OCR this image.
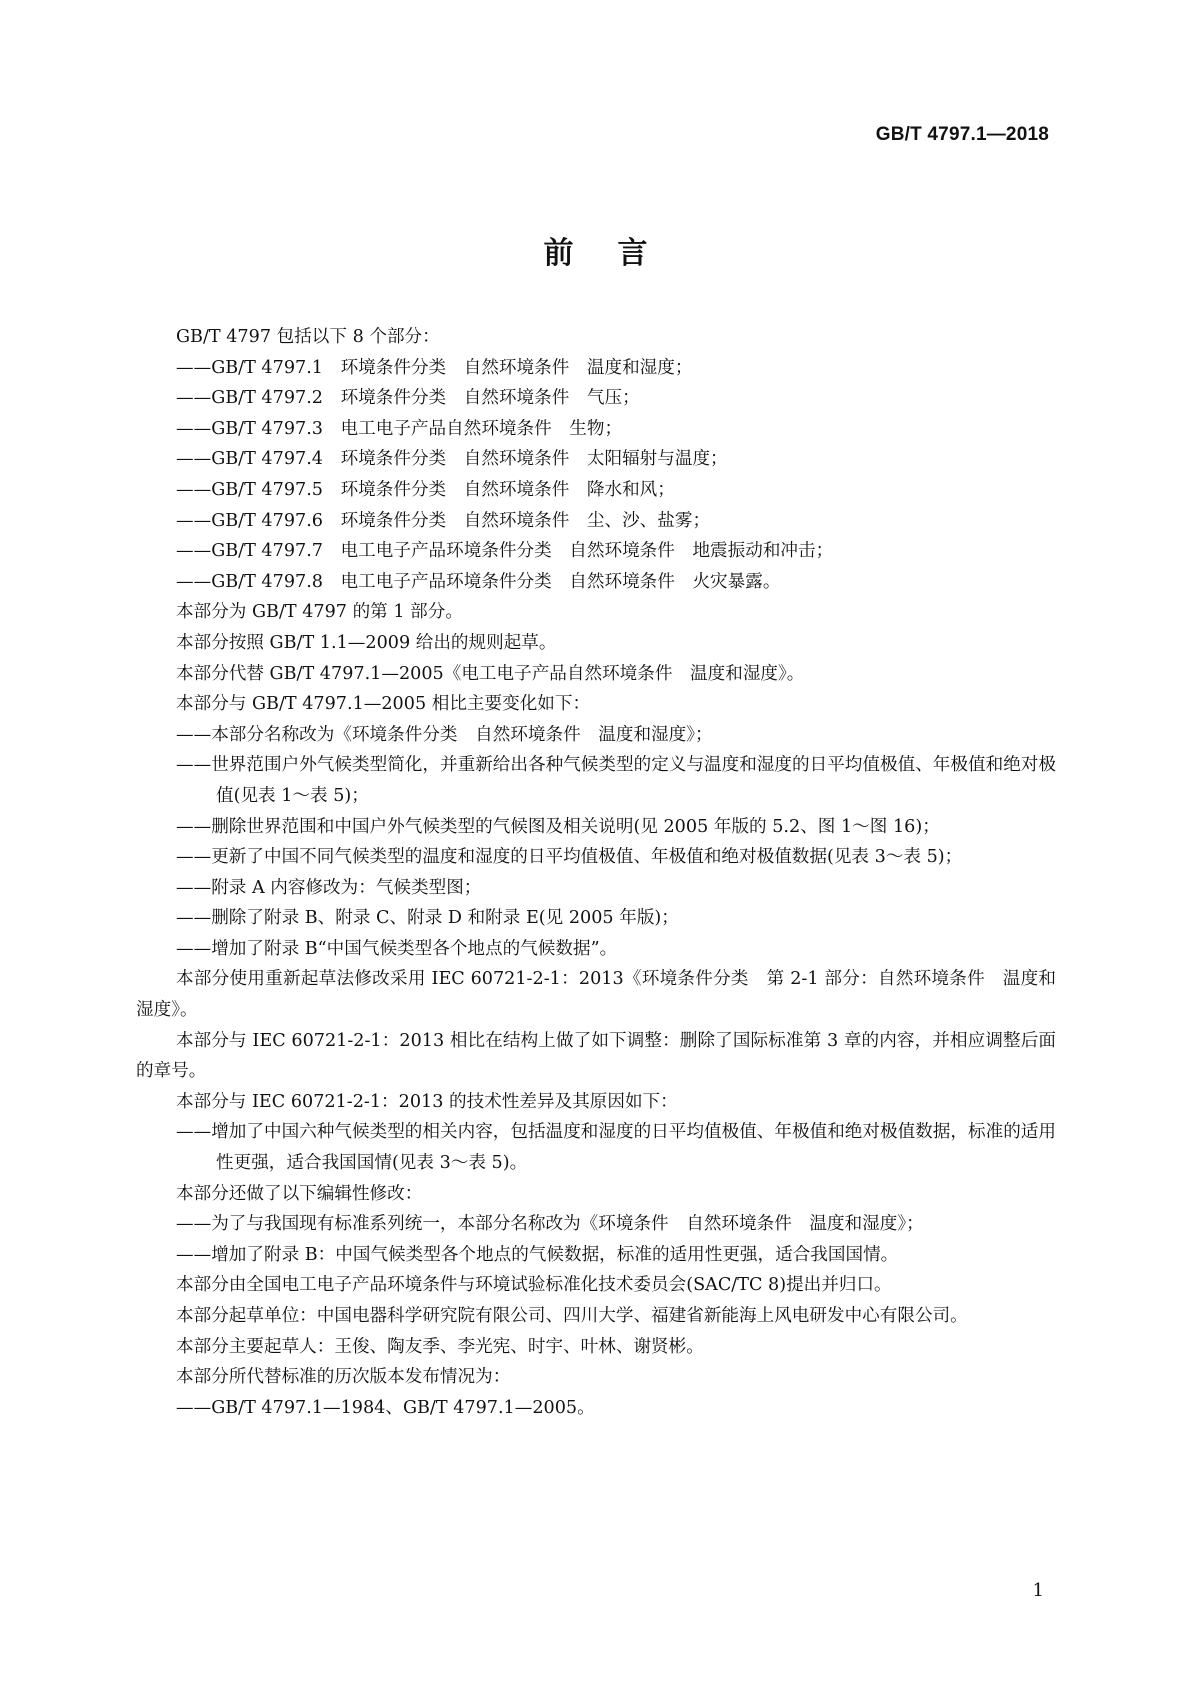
GB/T 4797.1—2018
前言
GB/T 4797 包括以下 8 个部分：
——GB/T 4797.1　环境条件分类　自然环境条件　温度和湿度；
——GB/T 4797.2　环境条件分类　自然环境条件　气压；
——GB/T 4797.3　电工电子产品自然环境条件　生物；
——GB/T 4797.4　环境条件分类　自然环境条件　太阳辐射与温度；
——GB/T 4797.5　环境条件分类　自然环境条件　降水和风；
——GB/T 4797.6　环境条件分类　自然环境条件　尘、沙、盐雾；
——GB/T 4797.7　电工电子产品环境条件分类　自然环境条件　地震振动和冲击；
——GB/T 4797.8　电工电子产品环境条件分类　自然环境条件　火灾暴露。
本部分为 GB/T 4797 的第 1 部分。
本部分按照 GB/T 1.1—2009 给出的规则起草。
本部分代替 GB/T 4797.1—2005《电工电子产品自然环境条件　温度和湿度》。
本部分与 GB/T 4797.1—2005 相比主要变化如下：
——本部分名称改为《环境条件分类　自然环境条件　温度和湿度》；
——世界范围户外气候类型简化，并重新给出各种气候类型的定义与温度和湿度的日平均值极值、年极值和绝对极值(见表 1～表 5)；
——删除世界范围和中国户外气候类型的气候图及相关说明(见 2005 年版的 5.2、图 1～图 16)；
——更新了中国不同气候类型的温度和湿度的日平均值极值、年极值和绝对极值数据(见表 3～表 5)；
——附录 A 内容修改为：气候类型图；
——删除了附录 B、附录 C、附录 D 和附录 E(见 2005 年版)；
——增加了附录 B“中国气候类型各个地点的气候数据”。
本部分使用重新起草法修改采用 IEC 60721-2-1：2013《环境条件分类　第 2-1 部分：自然环境条件　温度和湿度》。
本部分与 IEC 60721-2-1：2013 相比在结构上做了如下调整：删除了国际标准第 3 章的内容，并相应调整后面的章号。
本部分与 IEC 60721-2-1：2013 的技术性差异及其原因如下：
——增加了中国六种气候类型的相关内容，包括温度和湿度的日平均值极值、年极值和绝对极值数据，标准的适用性更强，适合我国国情(见表 3～表 5)。
本部分还做了以下编辑性修改：
——为了与我国现有标准系列统一，本部分名称改为《环境条件　自然环境条件　温度和湿度》；
——增加了附录 B：中国气候类型各个地点的气候数据，标准的适用性更强，适合我国国情。
本部分由全国电工电子产品环境条件与环境试验标准化技术委员会(SAC/TC 8)提出并归口。
本部分起草单位：中国电器科学研究院有限公司、四川大学、福建省新能海上风电研发中心有限公司。
本部分主要起草人：王俊、陶友季、李光宪、时宇、叶林、谢贤彬。
本部分所代替标准的历次版本发布情况为：
——GB/T 4797.1—1984、GB/T 4797.1—2005。
1
